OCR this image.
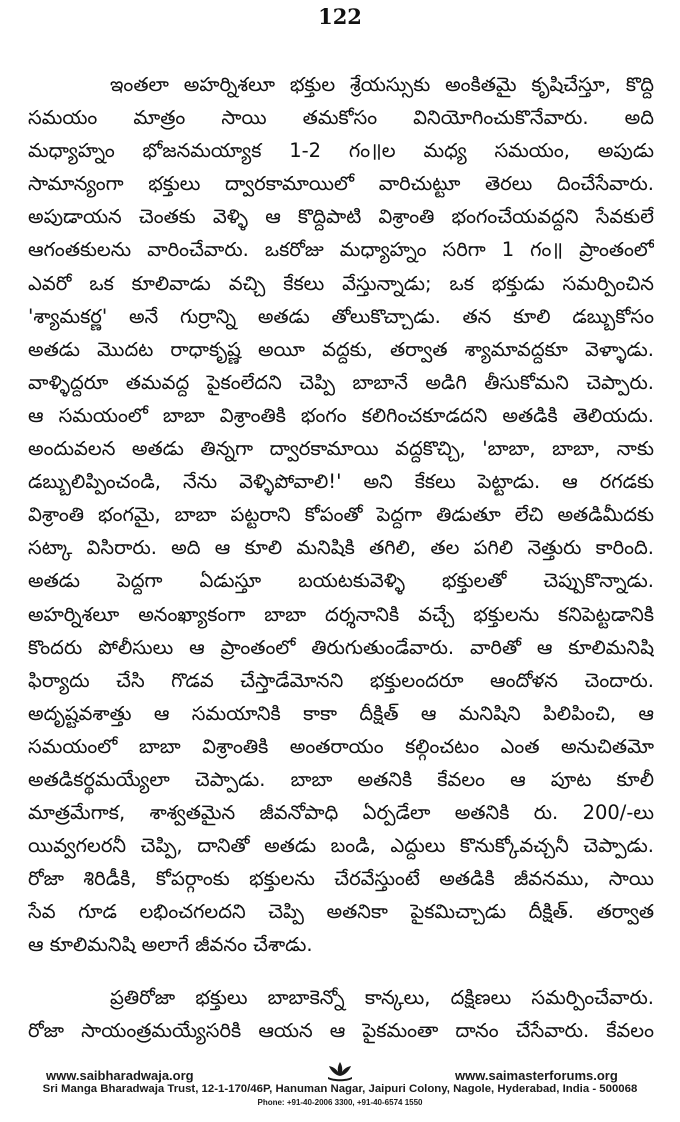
122
ఇంతలా అహర్నిశలూ భక్తుల శ్రేయస్సుకు అంకితమై కృషిచేస్తూ, కొద్ది
సమయం మాత్రం సాయి తమకోసం వినియోగించుకొనేవారు. అది
మధ్యాహ్నం భోజనమయ్యాక 1-2 గం॥ల మధ్య సమయం, అపుడు
సామాన్యంగా భక్తులు ద్వారకామాయిలో వారిచుట్టూ తెరలు దించేసేవారు.
అపుడాయన చెంతకు వెళ్ళి ఆ కొద్దిపాటి విశ్రాంతి భంగంచేయవద్దని సేవకులే
ఆగంతకులను వారించేవారు. ఒకరోజు మధ్యాహ్నం సరిగా 1 గం॥ ప్రాంతంలో
ఎవరో ఒక కూలివాడు వచ్చి కేకలు వేస్తున్నాడు; ఒక భక్తుడు సమర్పించిన
'శ్యామకర్ణ' అనే గుర్రాన్ని అతడు తోలుకొచ్చాడు. తన కూలి డబ్బుకోసం
అతడు మొదట రాధాకృష్ణ అయీ వద్దకు, తర్వాత శ్యామావద్దకూ వెళ్ళాడు.
వాళ్ళిద్దరూ తమవద్ద పైకంలేదని చెప్పి బాబానే అడిగి తీసుకోమని చెప్పారు.
ఆ సమయంలో బాబా విశ్రాంతికి భంగం కలిగించకూడదని అతడికి తెలియదు.
అందువలన అతడు తిన్నగా ద్వారకామాయి వద్దకొచ్చి, 'బాబా, బాబా, నాకు
డబ్బులిప్పించండి, నేను వెళ్ళిపోవాలి!' అని కేకలు పెట్టాడు. ఆ రగడకు
విశ్రాంతి భంగమై, బాబా పట్టరాని కోపంతో పెద్దగా తిడుతూ లేచి అతడిమీదకు
సట్కా విసిరారు. అది ఆ కూలి మనిషికి తగిలి, తల పగిలి నెత్తురు కారింది.
అతడు పెద్దగా ఏడుస్తూ బయటకువెళ్ళి భక్తులతో చెప్పుకొన్నాడు.
అహర్నిశలూ అనంఖ్యాకంగా బాబా దర్శనానికి వచ్చే భక్తులను కనిపెట్టడానికి
కొందరు పోలీసులు ఆ ప్రాంతంలో తిరుగుతుండేవారు. వారితో ఆ కూలిమనిషి
ఫిర్యాదు చేసి గొడవ చేస్తాడేమోనని భక్తులందరూ ఆందోళన చెందారు.
అదృష్టవశాత్తు ఆ సమయానికి కాకా దీక్షిత్ ఆ మనిషిని పిలిపించి, ఆ
సమయంలో బాబా విశ్రాంతికి అంతరాయం కల్గించటం ఎంత అనుచితమో
అతడికర్థమయ్యేలా చెప్పాడు. బాబా అతనికి కేవలం ఆ పూట కూలీ
మాత్రమేగాక, శాశ్వతమైన జీవనోపాధి ఏర్పడేలా అతనికి రు. 200/-లు
యివ్వగలరనీ చెప్పి, దానితో అతడు బండి, ఎద్దులు కొనుక్కోవచ్చనీ చెప్పాడు.
రోజా శిరిడీకి, కోపర్గాంకు భక్తులను చేరవేస్తుంటే అతడికి జీవనము, సాయి
సేవ గూడ లభించగలదని చెప్పి అతనికా పైకమిచ్చాడు దీక్షిత్. తర్వాత
ఆ కూలిమనిషి అలాగే జీవనం చేశాడు.
ప్రతిరోజా భక్తులు బాబాకెన్నో కాన్కలు, దక్షిణలు సమర్పించేవారు.
రోజా సాయంత్రమయ్యేసరికి ఆయన ఆ పైకమంతా దానం చేసేవారు. కేవలం
www.saibharadwaja.org	www.saimasterforums.org
Sri Manga Bharadwaja Trust, 12-1-170/46P, Hanuman Nagar, Jaipuri Colony, Nagole, Hyderabad, India - 500068
Phone: +91-40-2006 3300, +91-40-6574 1550
